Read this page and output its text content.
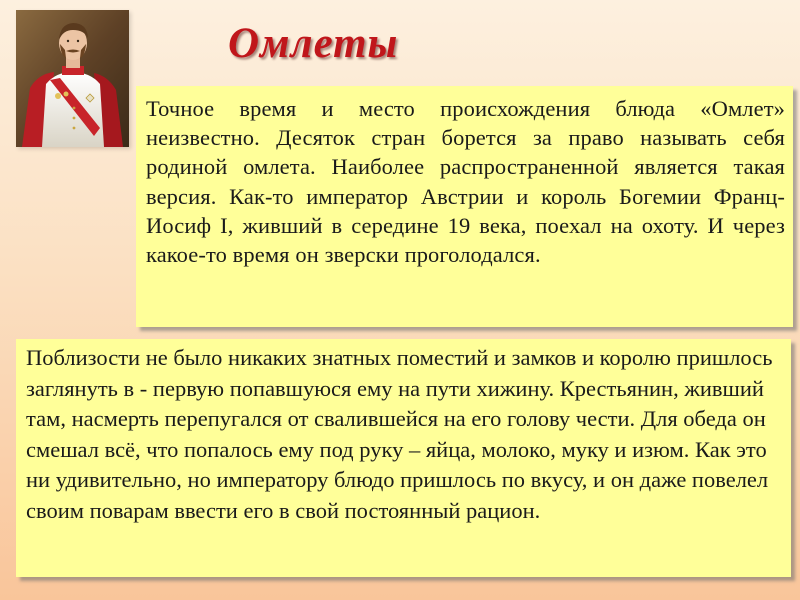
Омлеты

Точное время и место происхождения блюда «Омлет» неизвестно. Десяток стран борется за право называть себя родиной омлета. Наиболее распространенной является такая версия. Как-то император Австрии и король Богемии Франц-Иосиф I, живший в середине 19 века, поехал на охоту. И через какое-то время он зверски проголодался.

Поблизости не было никаких знатных поместий и замков и королю пришлось заглянуть в - первую попавшуюся ему на пути хижину. Крестьянин, живший там, насмерть перепугался от свалившейся на его голову чести. Для обеда он смешал всё, что попалось ему под руку – яйца, молоко, муку и изюм. Как это ни удивительно, но императору блюдо пришлось по вкусу, и он даже повелел своим поварам ввести его в свой постоянный рацион.
